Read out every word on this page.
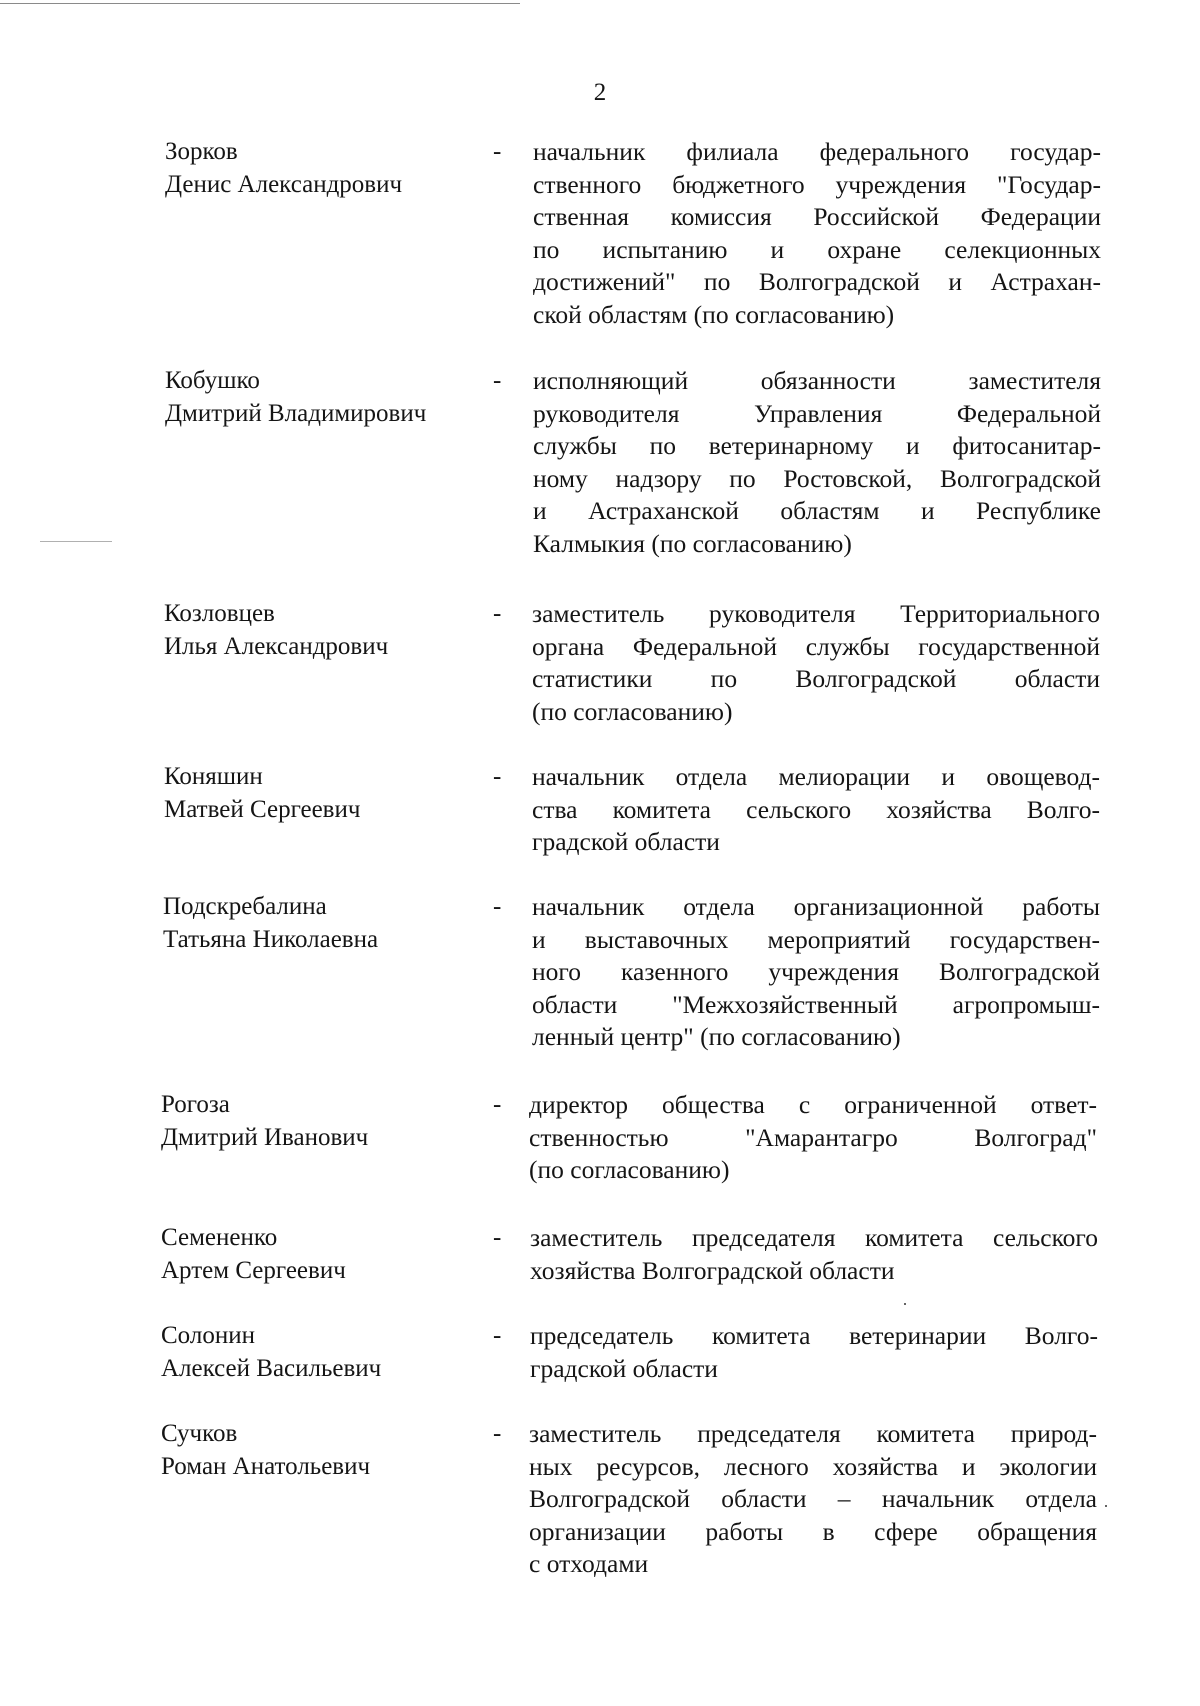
2
Зорков
Денис Александрович
- начальник филиала федерального государ-
ственного бюджетного учреждения "Государ-
ственная комиссия Российской Федерации
по испытанию и охране селекционных
достижений" по Волгоградской и Астрахан-
ской областям (по согласованию)
Кобушко
Дмитрий Владимирович
- исполняющий обязанности заместителя
руководителя Управления Федеральной
службы по ветеринарному и фитосанитар-
ному надзору по Ростовской, Волгоградской
и Астраханской областям и Республике
Калмыкия (по согласованию)
Козловцев
Илья Александрович
- заместитель руководителя Территориального
органа Федеральной службы государственной
статистики по Волгоградской области
(по согласованию)
Коняшин
Матвей Сергеевич
- начальник отдела мелиорации и овощевод-
ства комитета сельского хозяйства Волго-
градской области
Подскребалина
Татьяна Николаевна
- начальник отдела организационной работы
и выставочных мероприятий государствен-
ного казенного учреждения Волгоградской
области "Межхозяйственный агропромыш-
ленный центр" (по согласованию)
Рогоза
Дмитрий Иванович
- директор общества с ограниченной ответ-
ственностью "Амарантагро Волгоград"
(по согласованию)
Семененко
Артем Сергеевич
- заместитель председателя комитета сельского
хозяйства Волгоградской области
Солонин
Алексей Васильевич
- председатель комитета ветеринарии Волго-
градской области
Сучков
Роман Анатольевич
- заместитель председателя комитета природ-
ных ресурсов, лесного хозяйства и экологии
Волгоградской области – начальник отдела
организации работы в сфере обращения
с отходами
